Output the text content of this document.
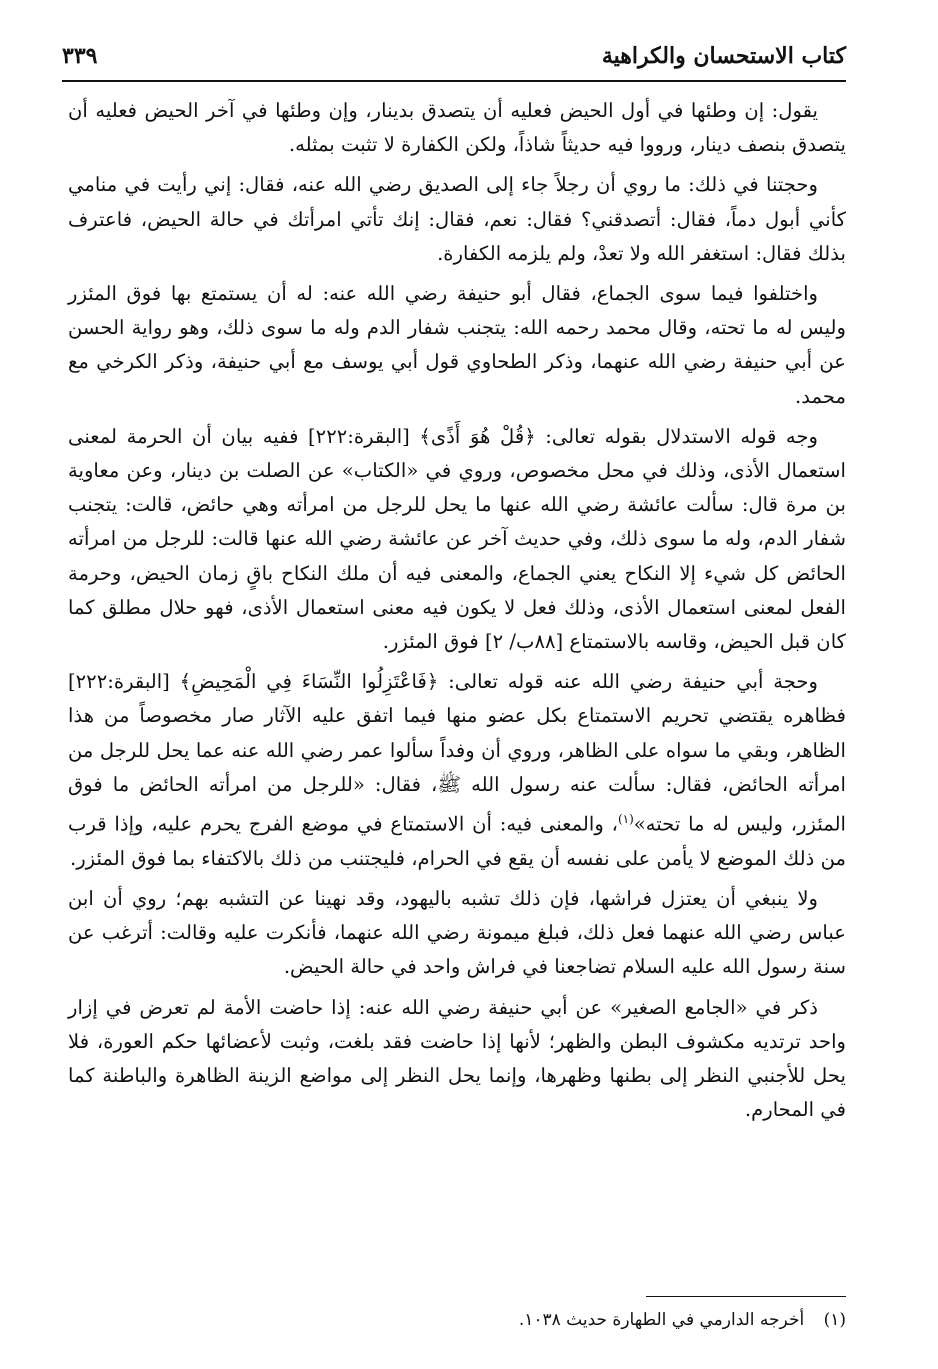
كتاب الاستحسان والكراهية
٣٣٩

يقول: إن وطئها في أول الحيض فعليه أن يتصدق بدينار، وإن وطئها في آخر الحيض فعليه أن يتصدق بنصف دينار، ورووا فيه حديثاً شاذاً، ولكن الكفارة لا تثبت بمثله.

وحجتنا في ذلك: ما روي أن رجلاً جاء إلى الصديق رضي الله عنه، فقال: إني رأيت في منامي كأني أبول دماً، فقال: أتصدقني؟ فقال: نعم، فقال: إنك تأتي امرأتك في حالة الحيض، فاعترف بذلك فقال: استغفر الله ولا تعدْ، ولم يلزمه الكفارة.

واختلفوا فيما سوى الجماع، فقال أبو حنيفة رضي الله عنه: له أن يستمتع بها فوق المئزر وليس له ما تحته، وقال محمد رحمه الله: يتجنب شفار الدم وله ما سوى ذلك، وهو رواية الحسن عن أبي حنيفة رضي الله عنهما، وذكر الطحاوي قول أبي يوسف مع أبي حنيفة، وذكر الكرخي مع محمد.

وجه قوله الاستدلال بقوله تعالى: ﴿قُلْ هُوَ أَذًى﴾ [البقرة:٢٢٢] ففيه بيان أن الحرمة لمعنى استعمال الأذى، وذلك في محل مخصوص، وروي في «الكتاب» عن الصلت بن دينار، وعن معاوية بن مرة قال: سألت عائشة رضي الله عنها ما يحل للرجل من امرأته وهي حائض، قالت: يتجنب شفار الدم، وله ما سوى ذلك، وفي حديث آخر عن عائشة رضي الله عنها قالت: للرجل من امرأته الحائض كل شيء إلا النكاح يعني الجماع، والمعنى فيه أن ملك النكاح باقٍ زمان الحيض، وحرمة الفعل لمعنى استعمال الأذى، وذلك فعل لا يكون فيه معنى استعمال الأذى، فهو حلال مطلق كما كان قبل الحيض، وقاسه بالاستمتاع [٨٨ب/ ٢] فوق المئزر.

وحجة أبي حنيفة رضي الله عنه قوله تعالى: ﴿فَاعْتَزِلُوا النِّسَاءَ فِي الْمَحِيضِ﴾ [البقرة:٢٢٢] فظاهره يقتضي تحريم الاستمتاع بكل عضو منها فيما اتفق عليه الآثار صار مخصوصاً من هذا الظاهر، وبقي ما سواه على الظاهر، وروي أن وفداً سألوا عمر رضي الله عنه عما يحل للرجل من امرأته الحائض، فقال: سألت عنه رسول الله ﷺ، فقال: «للرجل من امرأته الحائض ما فوق المئزر، وليس له ما تحته»$^{(١)}$، والمعنى فيه: أن الاستمتاع في موضع الفرج يحرم عليه، وإذا قرب من ذلك الموضع لا يأمن على نفسه أن يقع في الحرام، فليجتنب من ذلك بالاكتفاء بما فوق المئزر.

ولا ينبغي أن يعتزل فراشها، فإن ذلك تشبه باليهود، وقد نهينا عن التشبه بهم؛ روي أن ابن عباس رضي الله عنهما فعل ذلك، فبلغ ميمونة رضي الله عنهما، فأنكرت عليه وقالت: أترغب عن سنة رسول الله عليه السلام تضاجعنا في فراش واحد في حالة الحيض.

ذكر في «الجامع الصغير» عن أبي حنيفة رضي الله عنه: إذا حاضت الأمة لم تعرض في إزار واحد ترتديه مكشوف البطن والظهر؛ لأنها إذا حاضت فقد بلغت، وثبت لأعضائها حكم العورة، فلا يحل للأجنبي النظر إلى بطنها وظهرها، وإنما يحل النظر إلى مواضع الزينة الظاهرة والباطنة كما في المحارم.

(١) أخرجه الدارمي في الطهارة حديث ١٠٣٨.
